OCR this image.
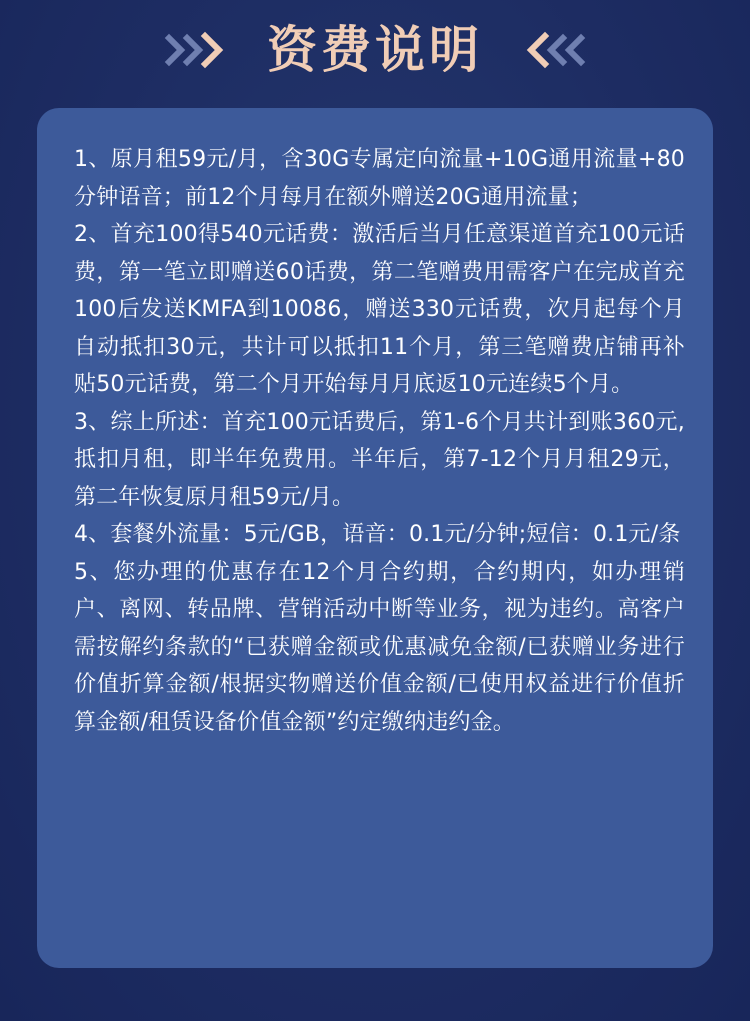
资费说明

1、原月租59元/月，含30G专属定向流量+10G通用流量+80分钟语音；前12个月每月在额外赠送20G通用流量；

2、首充100得540元话费：激活后当月任意渠道首充100元话费，第一笔立即赠送60话费，第二笔赠费用需客户在完成首充100后发送KMFA到10086，赠送330元话费，次月起每个月自动抵扣30元，共计可以抵扣11个月，第三笔赠费店铺再补贴50元话费，第二个月开始每月月底返10元连续5个月。

3、综上所述：首充100元话费后，第1-6个月共计到账360元,抵扣月租，即半年免费用。半年后，第7-12个月月租29元，第二年恢复原月租59元/月。

4、套餐外流量：5元/GB，语音：0.1元/分钟;短信：0.1元/条

5、您办理的优惠存在12个月合约期，合约期内，如办理销户、离网、转品牌、营销活动中断等业务，视为违约。高客户需按解约条款的“已获赠金额或优惠减免金额/已获赠业务进行价值折算金额/根据实物赠送价值金额/已使用权益进行价值折算金额/租赁设备价值金额”约定缴纳违约金。
